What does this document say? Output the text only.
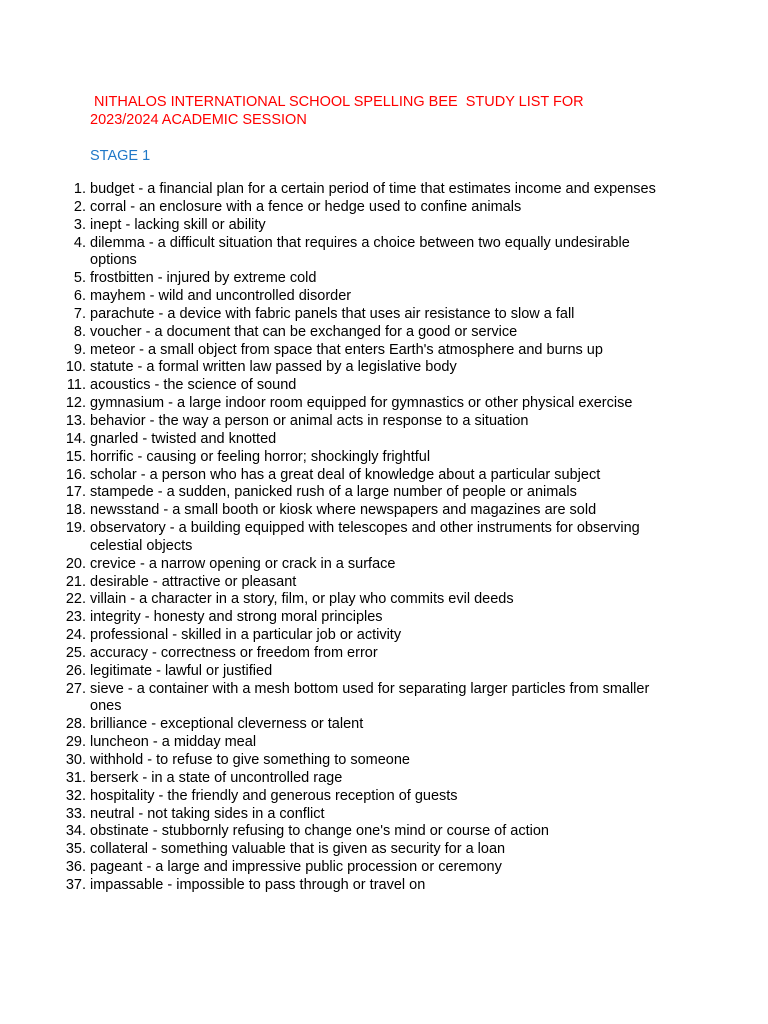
NITHALOS INTERNATIONAL SCHOOL SPELLING BEE  STUDY LIST FOR 2023/2024 ACADEMIC SESSION
STAGE 1
1. budget - a financial plan for a certain period of time that estimates income and expenses
2. corral - an enclosure with a fence or hedge used to confine animals
3. inept - lacking skill or ability
4. dilemma - a difficult situation that requires a choice between two equally undesirable options
5. frostbitten - injured by extreme cold
6. mayhem - wild and uncontrolled disorder
7. parachute - a device with fabric panels that uses air resistance to slow a fall
8. voucher - a document that can be exchanged for a good or service
9. meteor - a small object from space that enters Earth's atmosphere and burns up
10. statute - a formal written law passed by a legislative body
11. acoustics - the science of sound
12. gymnasium - a large indoor room equipped for gymnastics or other physical exercise
13. behavior - the way a person or animal acts in response to a situation
14. gnarled - twisted and knotted
15. horrific - causing or feeling horror; shockingly frightful
16. scholar - a person who has a great deal of knowledge about a particular subject
17. stampede - a sudden, panicked rush of a large number of people or animals
18. newsstand - a small booth or kiosk where newspapers and magazines are sold
19. observatory - a building equipped with telescopes and other instruments for observing celestial objects
20. crevice - a narrow opening or crack in a surface
21. desirable - attractive or pleasant
22. villain - a character in a story, film, or play who commits evil deeds
23. integrity - honesty and strong moral principles
24. professional - skilled in a particular job or activity
25. accuracy - correctness or freedom from error
26. legitimate - lawful or justified
27. sieve - a container with a mesh bottom used for separating larger particles from smaller ones
28. brilliance - exceptional cleverness or talent
29. luncheon - a midday meal
30. withhold - to refuse to give something to someone
31. berserk - in a state of uncontrolled rage
32. hospitality - the friendly and generous reception of guests
33. neutral - not taking sides in a conflict
34. obstinate - stubbornly refusing to change one's mind or course of action
35. collateral - something valuable that is given as security for a loan
36. pageant - a large and impressive public procession or ceremony
37. impassable - impossible to pass through or travel on
